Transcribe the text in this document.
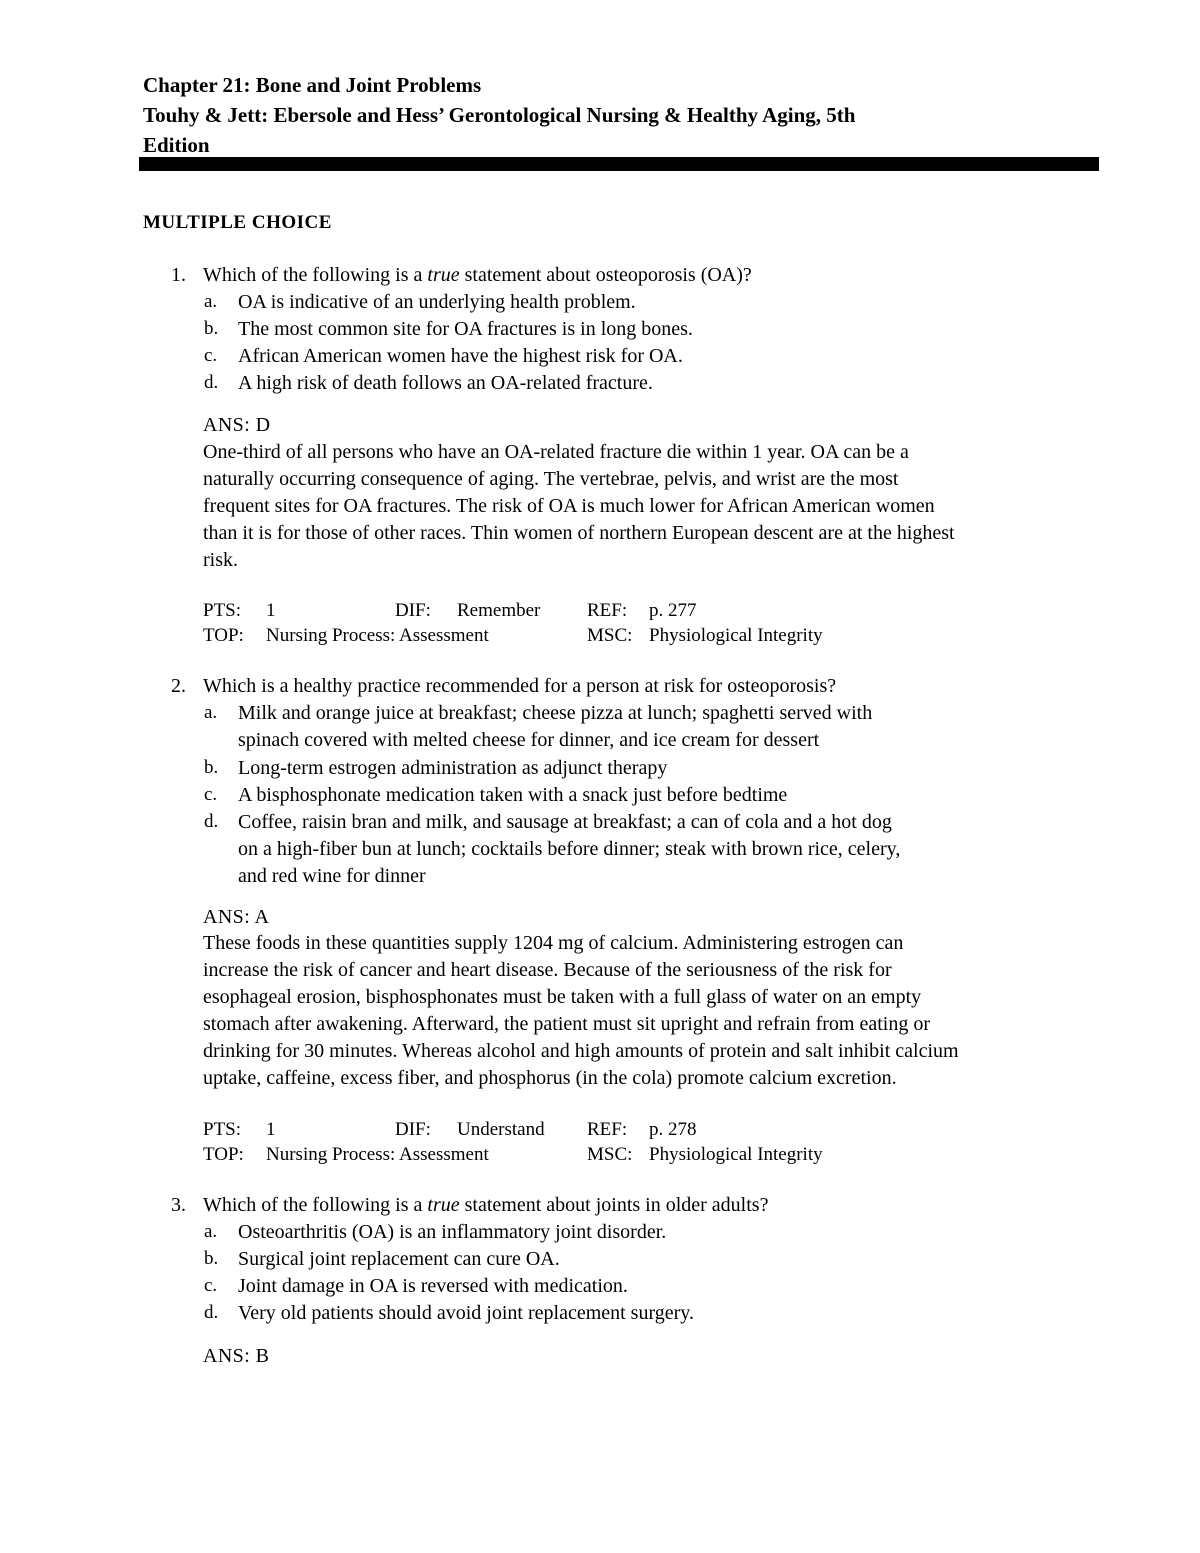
Chapter 21: Bone and Joint Problems
Touhy & Jett: Ebersole and Hess’ Gerontological Nursing & Healthy Aging, 5th
Edition
MULTIPLE CHOICE
1. Which of the following is a true statement about osteoporosis (OA)?
a. OA is indicative of an underlying health problem.
b. The most common site for OA fractures is in long bones.
c. African American women have the highest risk for OA.
d. A high risk of death follows an OA-related fracture.
ANS: D
One-third of all persons who have an OA-related fracture die within 1 year. OA can be a
naturally occurring consequence of aging. The vertebrae, pelvis, and wrist are the most
frequent sites for OA fractures. The risk of OA is much lower for African American women
than it is for those of other races. Thin women of northern European descent are at the highest
risk.
PTS: 1	DIF: Remember REF: p. 277
TOP: Nursing Process: Assessment	MSC: Physiological Integrity
2. Which is a healthy practice recommended for a person at risk for osteoporosis?
a. Milk and orange juice at breakfast; cheese pizza at lunch; spaghetti served with
spinach covered with melted cheese for dinner, and ice cream for dessert
b. Long-term estrogen administration as adjunct therapy
c. A bisphosphonate medication taken with a snack just before bedtime
d. Coffee, raisin bran and milk, and sausage at breakfast; a can of cola and a hot dog
on a high-fiber bun at lunch; cocktails before dinner; steak with brown rice, celery,
and red wine for dinner
ANS: A
These foods in these quantities supply 1204 mg of calcium. Administering estrogen can
increase the risk of cancer and heart disease. Because of the seriousness of the risk for
esophageal erosion, bisphosphonates must be taken with a full glass of water on an empty
stomach after awakening. Afterward, the patient must sit upright and refrain from eating or
drinking for 30 minutes. Whereas alcohol and high amounts of protein and salt inhibit calcium
uptake, caffeine, excess fiber, and phosphorus (in the cola) promote calcium excretion.
PTS: 1	DIF: Understand REF: p. 278
TOP: Nursing Process: Assessment	MSC: Physiological Integrity
3. Which of the following is a true statement about joints in older adults?
a. Osteoarthritis (OA) is an inflammatory joint disorder.
b. Surgical joint replacement can cure OA.
c. Joint damage in OA is reversed with medication.
d. Very old patients should avoid joint replacement surgery.
ANS: B
